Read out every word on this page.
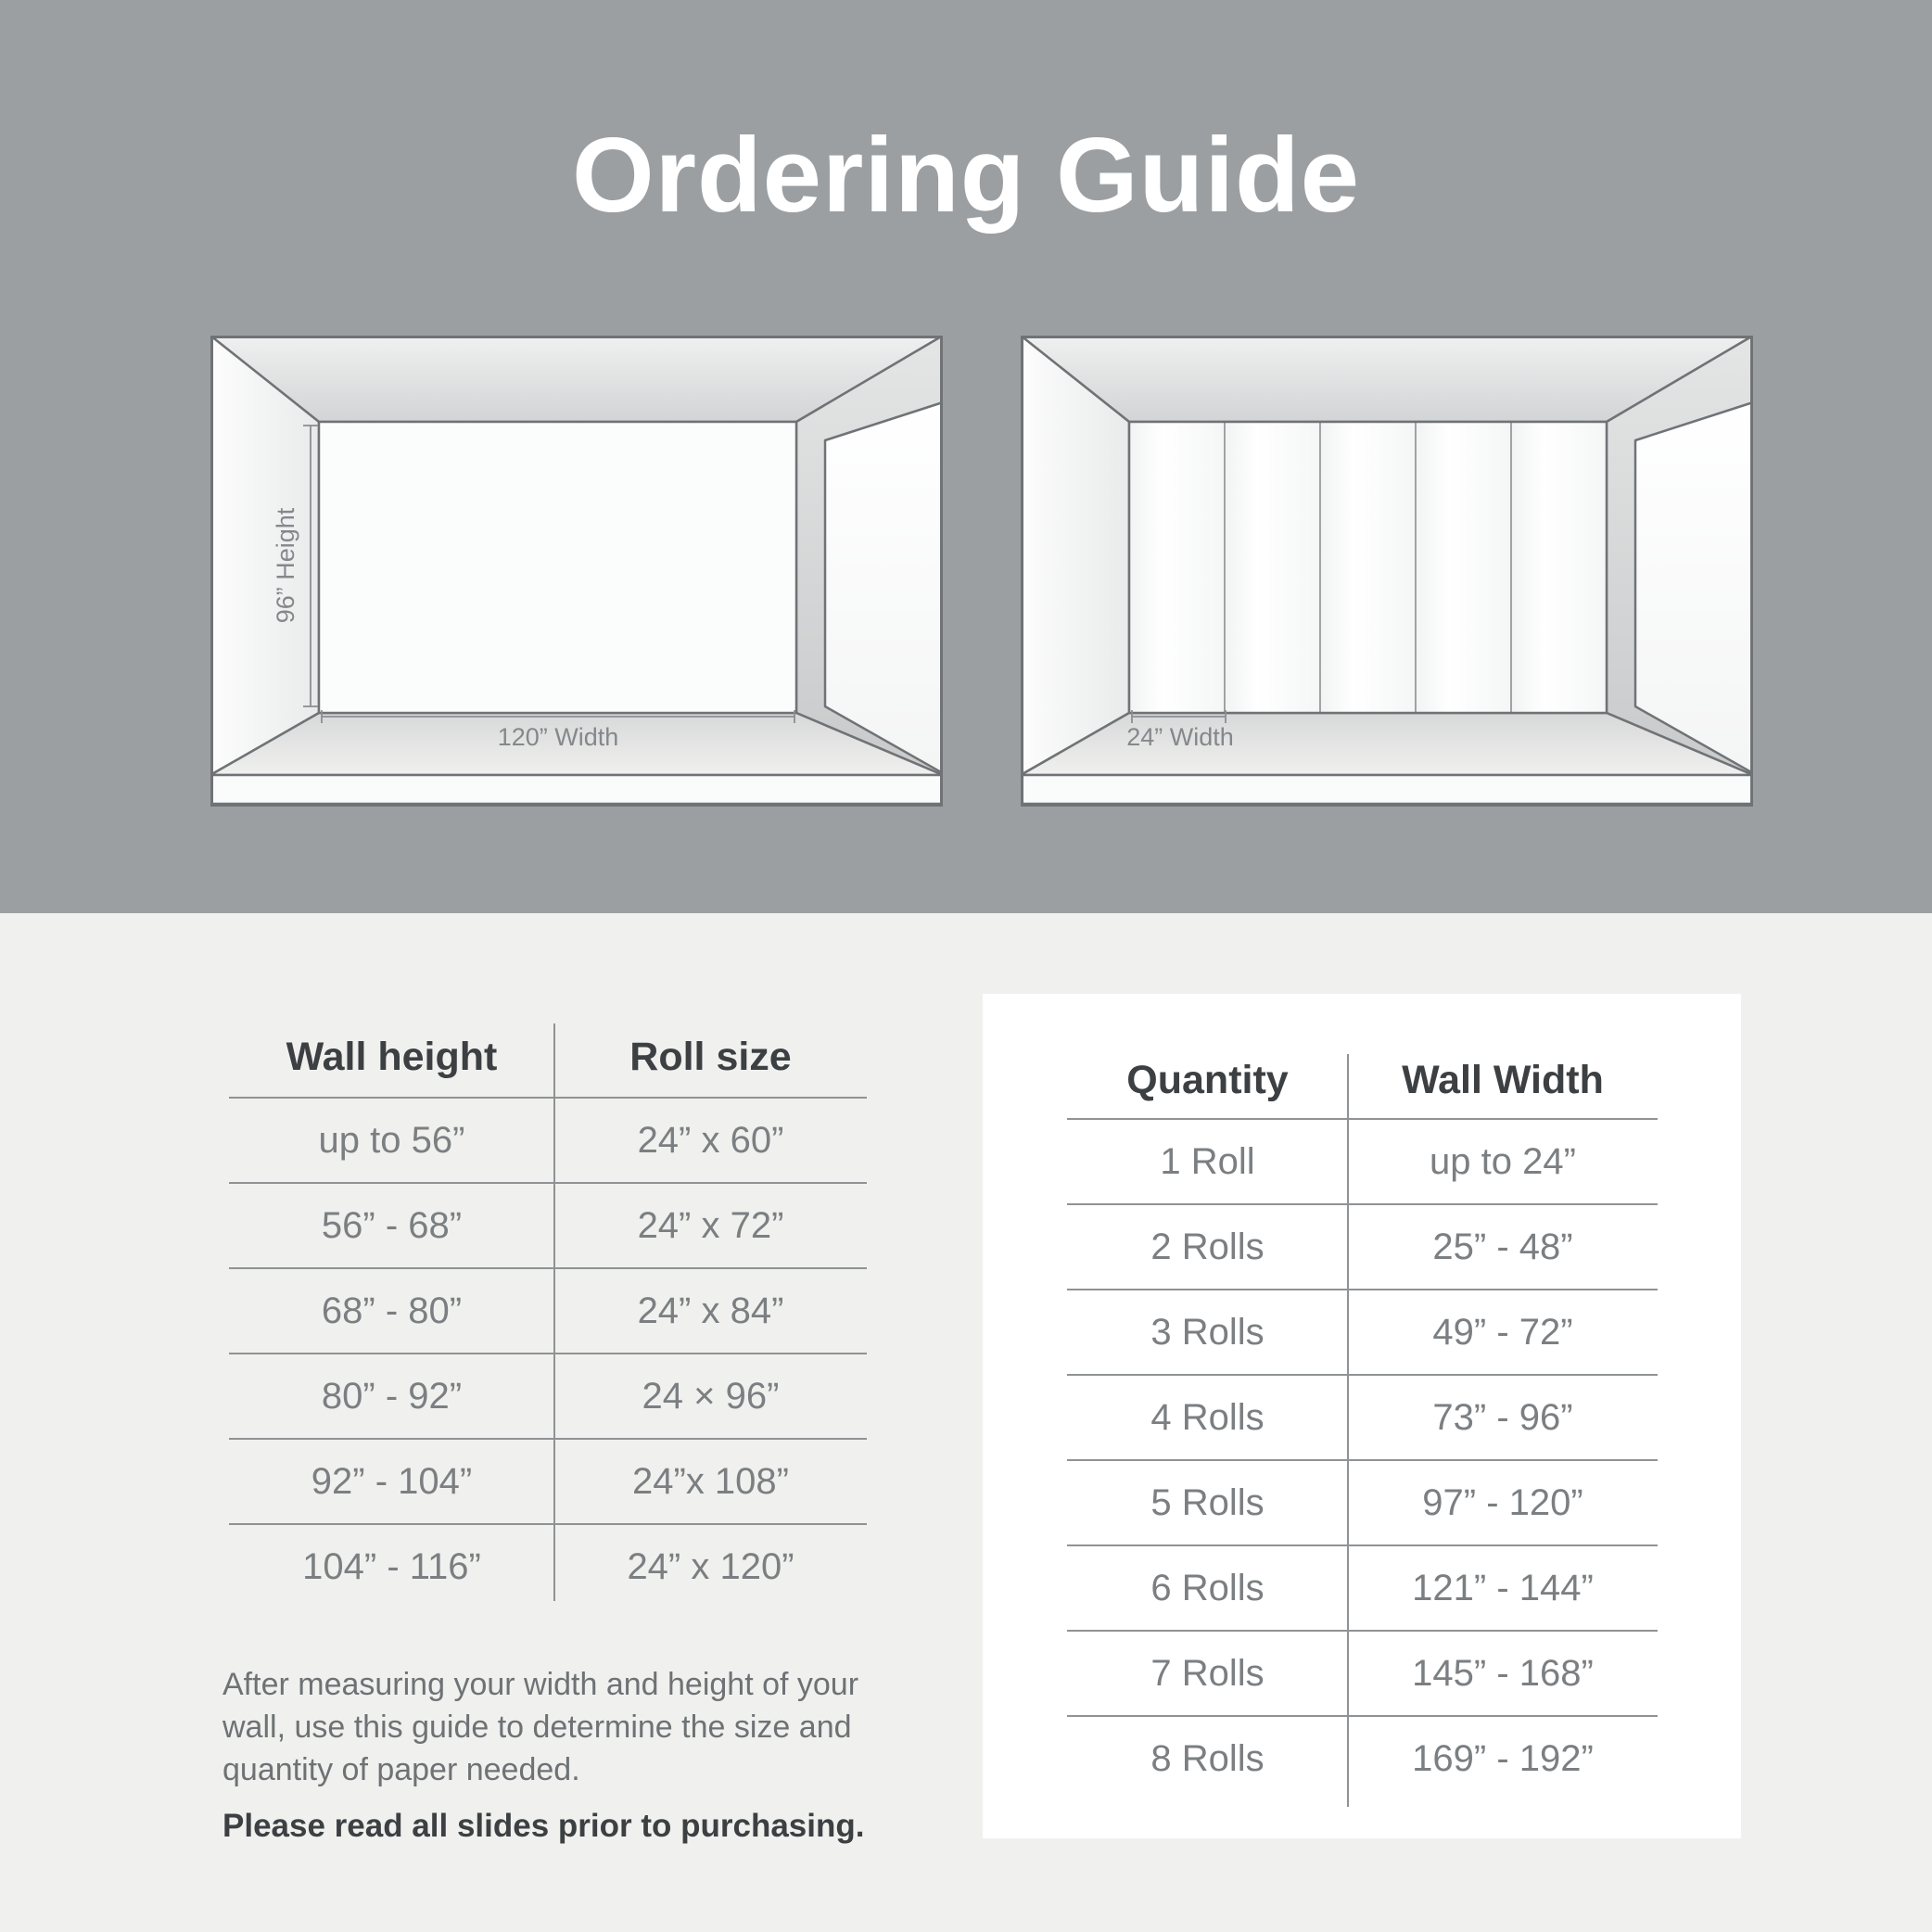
Ordering Guide
96” Height
120” Width	24” Width
Wall height	Roll size
up to 56”	24” x 60”
56” - 68”	24” x 72”
68” - 80”	24” x 84”
80” - 92”	24 × 96”
92” - 104”	24”x 108”
104” - 116”	24” x 120”
Quantity	Wall Width
1 Roll	up to 24”
2 Rolls	25” - 48”
3 Rolls	49” - 72”
4 Rolls	73” - 96”
5 Rolls	97” - 120”
6 Rolls	121” - 144”
7 Rolls	145” - 168”
8 Rolls	169” - 192”

After measuring your width and height of your wall, use this guide to determine the size and quantity of paper needed.

Please read all slides prior to purchasing.
